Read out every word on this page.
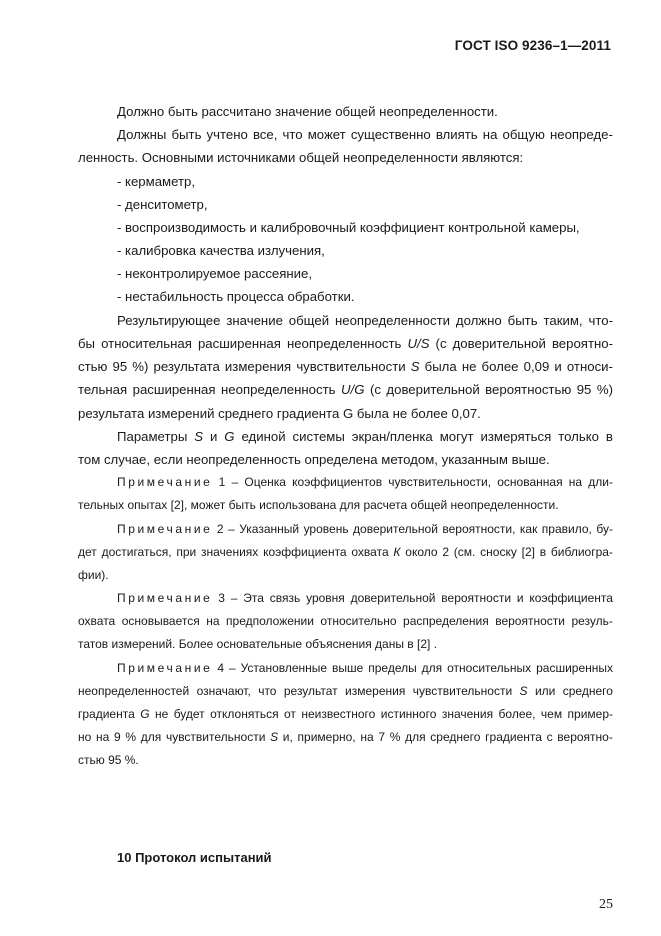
ГОСТ ISO 9236–1—2011
Должно быть рассчитано значение общей неопределенности.
Должны быть учтено все, что может существенно влиять на общую неопреде-
ленность. Основными источниками общей неопределенности являются:
- кермаметр,
- денситометр,
- воспроизводимость и калибровочный коэффициент контрольной камеры,
- калибровка качества излучения,
- неконтролируемое рассеяние,
- нестабильность процесса обработки.
Результирующее значение общей неопределенности должно быть таким, что-
бы относительная расширенная неопределенность U/S (с доверительной вероятно-
стью 95 %) результата измерения чувствительности S была не более 0,09 и относи-
тельная расширенная неопределенность U/G (с доверительной вероятностью 95 %)
результата измерений среднего градиента G была не более 0,07.
Параметры S и G единой системы экран/пленка могут измеряться только в
том случае, если неопределенность определена методом, указанным выше.
Примечание 1 – Оценка коэффициентов чувствительности, основанная на дли-
тельных опытах [2], может быть использована для расчета общей неопределенности.
Примечание 2 – Указанный уровень доверительной вероятности, как правило, бу-
дет достигаться, при значениях коэффициента охвата К около 2 (см. сноску [2] в библиогра-
фии).
Примечание 3 – Эта связь уровня доверительной вероятности и коэффициента
охвата основывается на предположении относительно распределения вероятности резуль-
татов измерений. Более основательные объяснения даны в [2] .
Примечание 4 – Установленные выше пределы для относительных расширенных
неопределенностей означают, что результат измерения чувствительности S или среднего
градиента G не будет отклоняться от неизвестного истинного значения более, чем пример-
но на 9 % для чувствительности S и, примерно, на 7 % для среднего градиента с вероятно-
стью 95 %.
10 Протокол испытаний
25
